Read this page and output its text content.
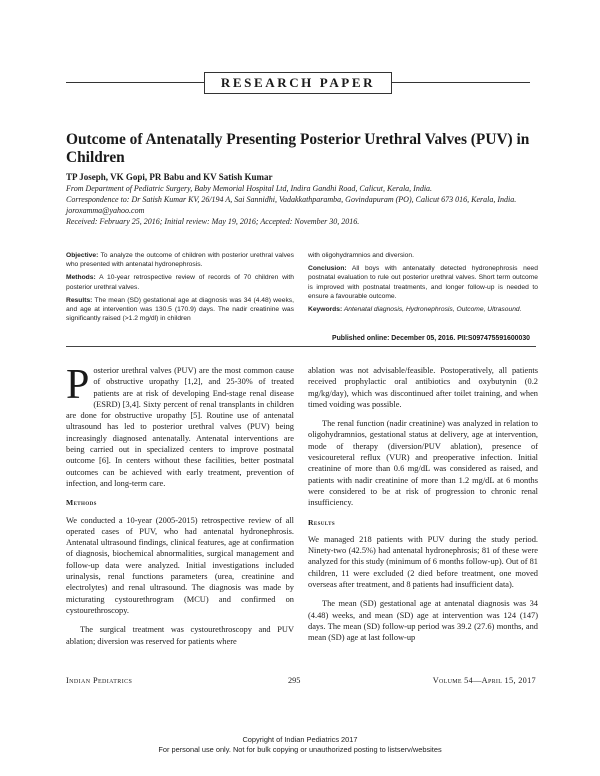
RESEARCH PAPER
Outcome of Antenatally Presenting Posterior Urethral Valves (PUV) in Children
TP Joseph, VK Gopi, PR Babu and KV Satish Kumar

From Department of Pediatric Surgery, Baby Memorial Hospital Ltd, Indira Gandhi Road, Calicut, Kerala, India.

Correspondence to: Dr Satish Kumar KV, 26/194 A, Sai Sannidhi, Vadakkathparamba, Govindapuram (PO), Calicut 673 016, Kerala, India. joroxamma@yahoo.com

Received: February 25, 2016; Initial review: May 19, 2016; Accepted: November 30, 2016.

Objective: To analyze the outcome of children with posterior urethral valves who presented with antenatal hydronephrosis.

Methods: A 10-year retrospective review of records of 70 children with posterior urethral valves.

Results: The mean (SD) gestational age at diagnosis was 34 (4.48) weeks, and age at intervention was 130.5 (170.9) days. The nadir creatinine was significantly raised (>1.2 mg/dl) in children

with oligohydramnios and diversion.

Conclusion: All boys with antenatally detected hydronephrosis need postnatal evaluation to rule out posterior urethral valves. Short term outcome is improved with postnatal treatments, and longer follow-up is needed to ensure a favourable outcome.

Keywords: Antenatal diagnosis, Hydronephrosis, Outcome, Ultrasound.

Published online: December 05, 2016. PII:S097475591600030

Posterior urethral valves (PUV) are the most common cause of obstructive uropathy [1,2], and 25-30% of treated patients are at risk of developing End-stage renal disease (ESRD) [3,4]. Sixty percent of renal transplants in children are done for obstructive uropathy [5]. Routine use of antenatal ultrasound has led to posterior urethral valves (PUV) being increasingly diagnosed antenatally. Antenatal interventions are being carried out in specialized centers to improve postnatal outcome [6]. In centers without these facilities, better postnatal outcomes can be achieved with early treatment, prevention of infection, and long-term care.

Methods

We conducted a 10-year (2005-2015) retrospective review of all operated cases of PUV, who had antenatal hydronephrosis. Antenatal ultrasound findings, clinical features, age at confirmation of diagnosis, biochemical abnormalities, surgical management and follow-up data were analyzed. Initial investigations included urinalysis, renal functions parameters (urea, creatinine and electrolytes) and renal ultrasound. The diagnosis was made by micturating cystourethrogram (MCU) and confirmed on cystourethroscopy.

The surgical treatment was cystourethroscopy and PUV ablation; diversion was reserved for patients where

ablation was not advisable/feasible. Postoperatively, all patients received prophylactic oral antibiotics and oxybutynin (0.2 mg/kg/day), which was discontinued after toilet training, and when timed voiding was possible.

The renal function (nadir creatinine) was analyzed in relation to oligohydramnios, gestational status at delivery, age at intervention, mode of therapy (diversion/PUV ablation), presence of vesicoureteral reflux (VUR) and preoperative infection. Initial creatinine of more than 0.6 mg/dL was considered as raised, and patients with nadir creatinine of more than 1.2 mg/dL at 6 months were considered to be at risk of progression to chronic renal insufficiency.

Results

We managed 218 patients with PUV during the study period. Ninety-two (42.5%) had antenatal hydronephrosis; 81 of these were analyzed for this study (minimum of 6 months follow-up). Out of 81 children, 11 were excluded (2 died before treatment, one moved overseas after treatment, and 8 patients had insufficient data).

The mean (SD) gestational age at antenatal diagnosis was 34 (4.48) weeks, and mean (SD) age at intervention was 124 (147) days. The mean (SD) follow-up period was 39.2 (27.6) months, and mean (SD) age at last follow-up

Indian Pediatrics	295	Volume 54—April 15, 2017
Copyright of Indian Pediatrics 2017
For personal use only. Not for bulk copying or unauthorized posting to listserv/websites
